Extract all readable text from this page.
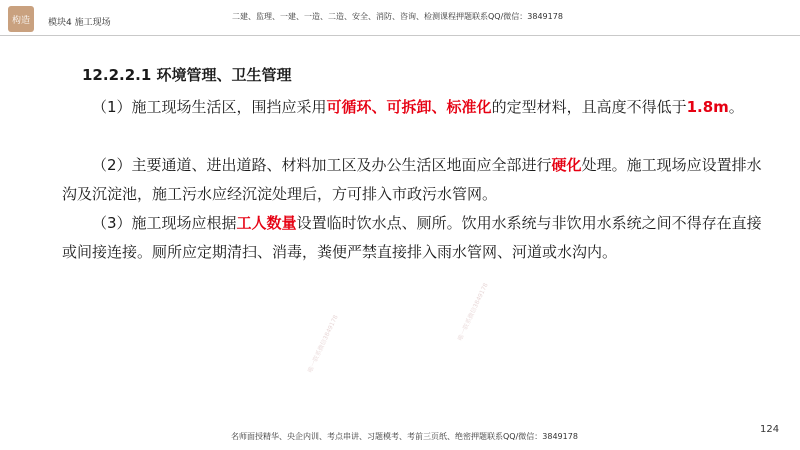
构造 模块4 施工现场
二建、监理、一建、一造、二造、安全、消防、咨询、检测课程押题联系QQ/微信：3849178
12.2.2.1 环境管理、卫生管理
（1）施工现场生活区，围挡应采用可循环、可拆卸、标准化的定型材料，且高度不得低于1.8m。
（2）主要通道、进出道路、材料加工区及办公生活区地面应全部进行硬化处理。施工现场应设置排水沟及沉淀池，施工污水应经沉淀处理后，方可排入市政污水管网。
（3）施工现场应根据工人数量设置临时饮水点、厕所。饮用水系统与非饮用水系统之间不得存在直接或间接连接。厕所应定期清扫、消毒，粪便严禁直接排入雨水管网、河道或水沟内。
唯一联系微信3849178
唯一联系微信3849178
124
名师面授精华、央企内训、考点串讲、习题模考、考前三页纸、绝密押题联系QQ/微信：3849178
